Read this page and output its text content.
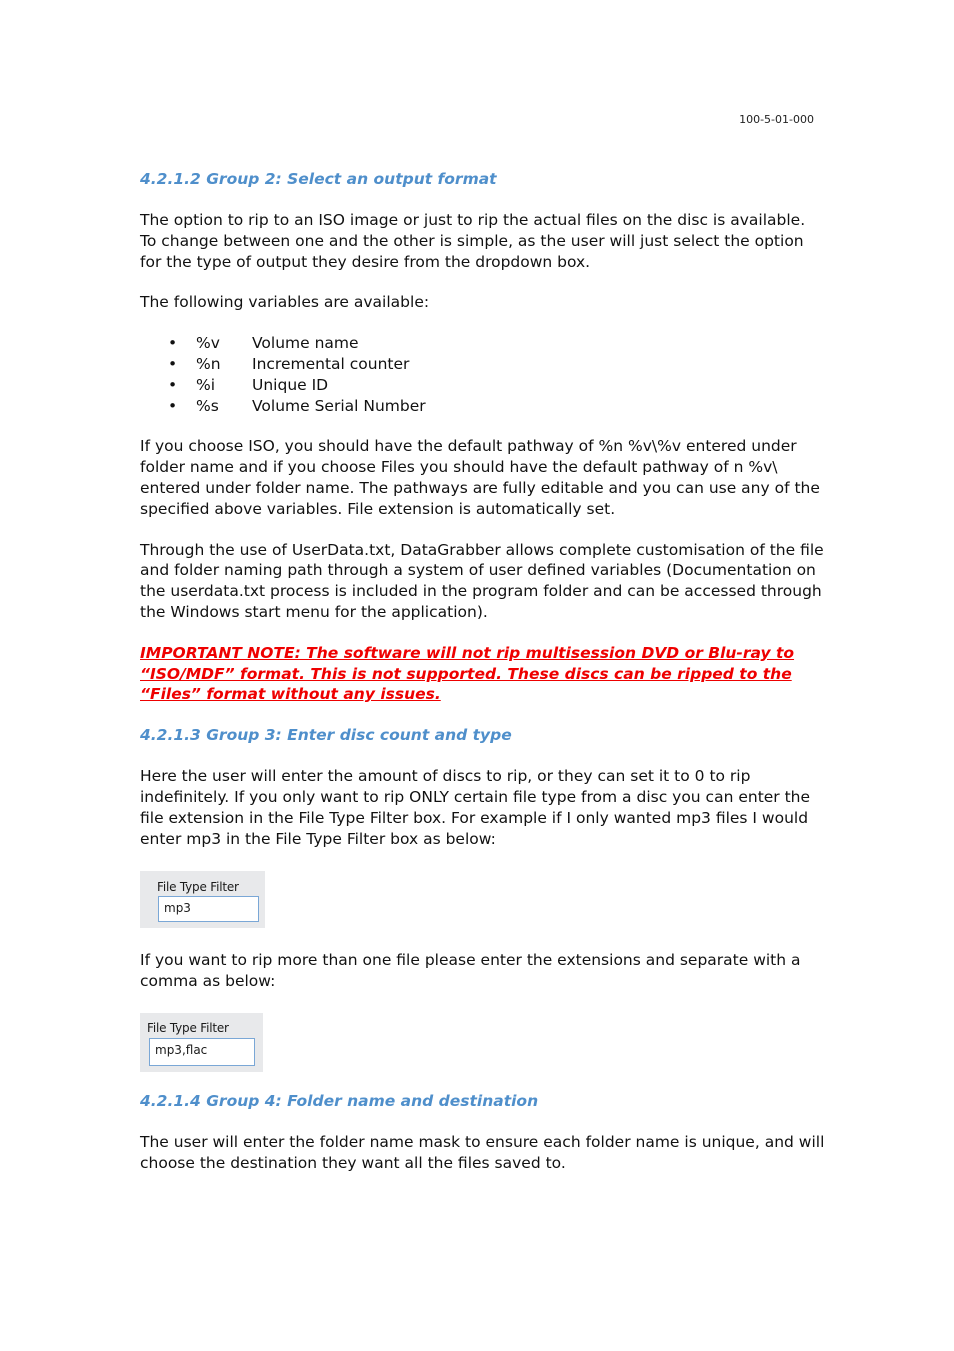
100-5-01-000
4.2.1.2 Group 2: Select an output format

The option to rip to an ISO image or just to rip the actual files on the disc is available.

To change between one and the other is simple, as the user will just select the option

for the type of output they desire from the dropdown box.

The following variables are available:

•	%v	Volume name
•	%n	Incremental counter
•	%i	Unique ID
•	%s	Volume Serial Number

If you choose ISO, you should have the default pathway of %n %v\%v entered under

folder name and if you choose Files you should have the default pathway of n %v\

entered under folder name. The pathways are fully editable and you can use any of the

specified above variables. File extension is automatically set.

Through the use of UserData.txt, DataGrabber allows complete customisation of the file

and folder naming path through a system of user defined variables (Documentation on

the userdata.txt process is included in the program folder and can be accessed through

the Windows start menu for the application).

IMPORTANT NOTE: The software will not rip multisession DVD or Blu-ray to

“ISO/MDF” format. This is not supported. These discs can be ripped to the

“Files” format without any issues.

4.2.1.3 Group 3: Enter disc count and type

Here the user will enter the amount of discs to rip, or they can set it to 0 to rip

indefinitely. If you only want to rip ONLY certain file type from a disc you can enter the

file extension in the File Type Filter box. For example if I only wanted mp3 files I would

enter mp3 in the File Type Filter box as below:

File Type Filter
mp3

If you want to rip more than one file please enter the extensions and separate with a

comma as below:

File Type Filter
mp3,flac
4.2.1.4 Group 4: Folder name and destination

The user will enter the folder name mask to ensure each folder name is unique, and will

choose the destination they want all the files saved to.
